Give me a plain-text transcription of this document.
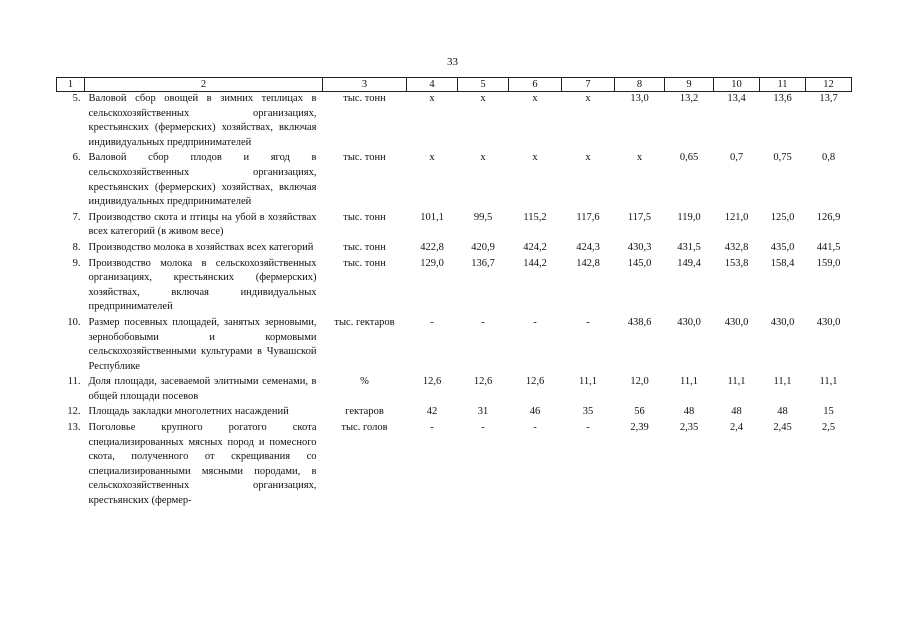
33
1	2	3	4	5	6	7	8	9	10	11	12
5.	Валовой сбор овощей в зимних теплицах в сельскохозяйственных организациях, крестьянских (фермерских) хозяйствах, включая индивидуальных предпринимателей	тыс. тонн	x	x	x	x	13,0	13,2	13,4	13,6	13,7
6.	Валовой сбор плодов и ягод в сельскохозяйственных организациях, крестьянских (фермерских) хозяйствах, включая индивидуальных предпринимателей	тыс. тонн	x	x	x	x	x	0,65	0,7	0,75	0,8
7.	Производство скота и птицы на убой в хозяйствах всех категорий (в живом весе)	тыс. тонн	101,1	99,5	115,2	117,6	117,5	119,0	121,0	125,0	126,9
8.	Производство молока в хозяйствах всех категорий	тыс. тонн	422,8	420,9	424,2	424,3	430,3	431,5	432,8	435,0	441,5
9.	Производство молока в сельскохозяйственных организациях, крестьянских (фермерских) хозяйствах, включая индивидуальных предпринимателей	тыс. тонн	129,0	136,7	144,2	142,8	145,0	149,4	153,8	158,4	159,0
10.	Размер посевных площадей, занятых зерновыми, зернобобовыми и кормовыми сельскохозяйственными культурами в Чувашской Республике	тыс. гектаров	-	-	-	-	438,6	430,0	430,0	430,0	430,0
11.	Доля площади, засеваемой элитными семенами, в общей площади посевов	%	12,6	12,6	12,6	11,1	12,0	11,1	11,1	11,1	11,1
12.	Площадь закладки многолетних насаждений	гектаров	42	31	46	35	56	48	48	48	15
13.	Поголовье крупного рогатого скота специализированных мясных пород и помесного скота, полученного от скрещивания со специализированными мясными породами, в сельскохозяйственных организациях, крестьянских (фермер-	тыс. голов	-	-	-	-	2,39	2,35	2,4	2,45	2,5
